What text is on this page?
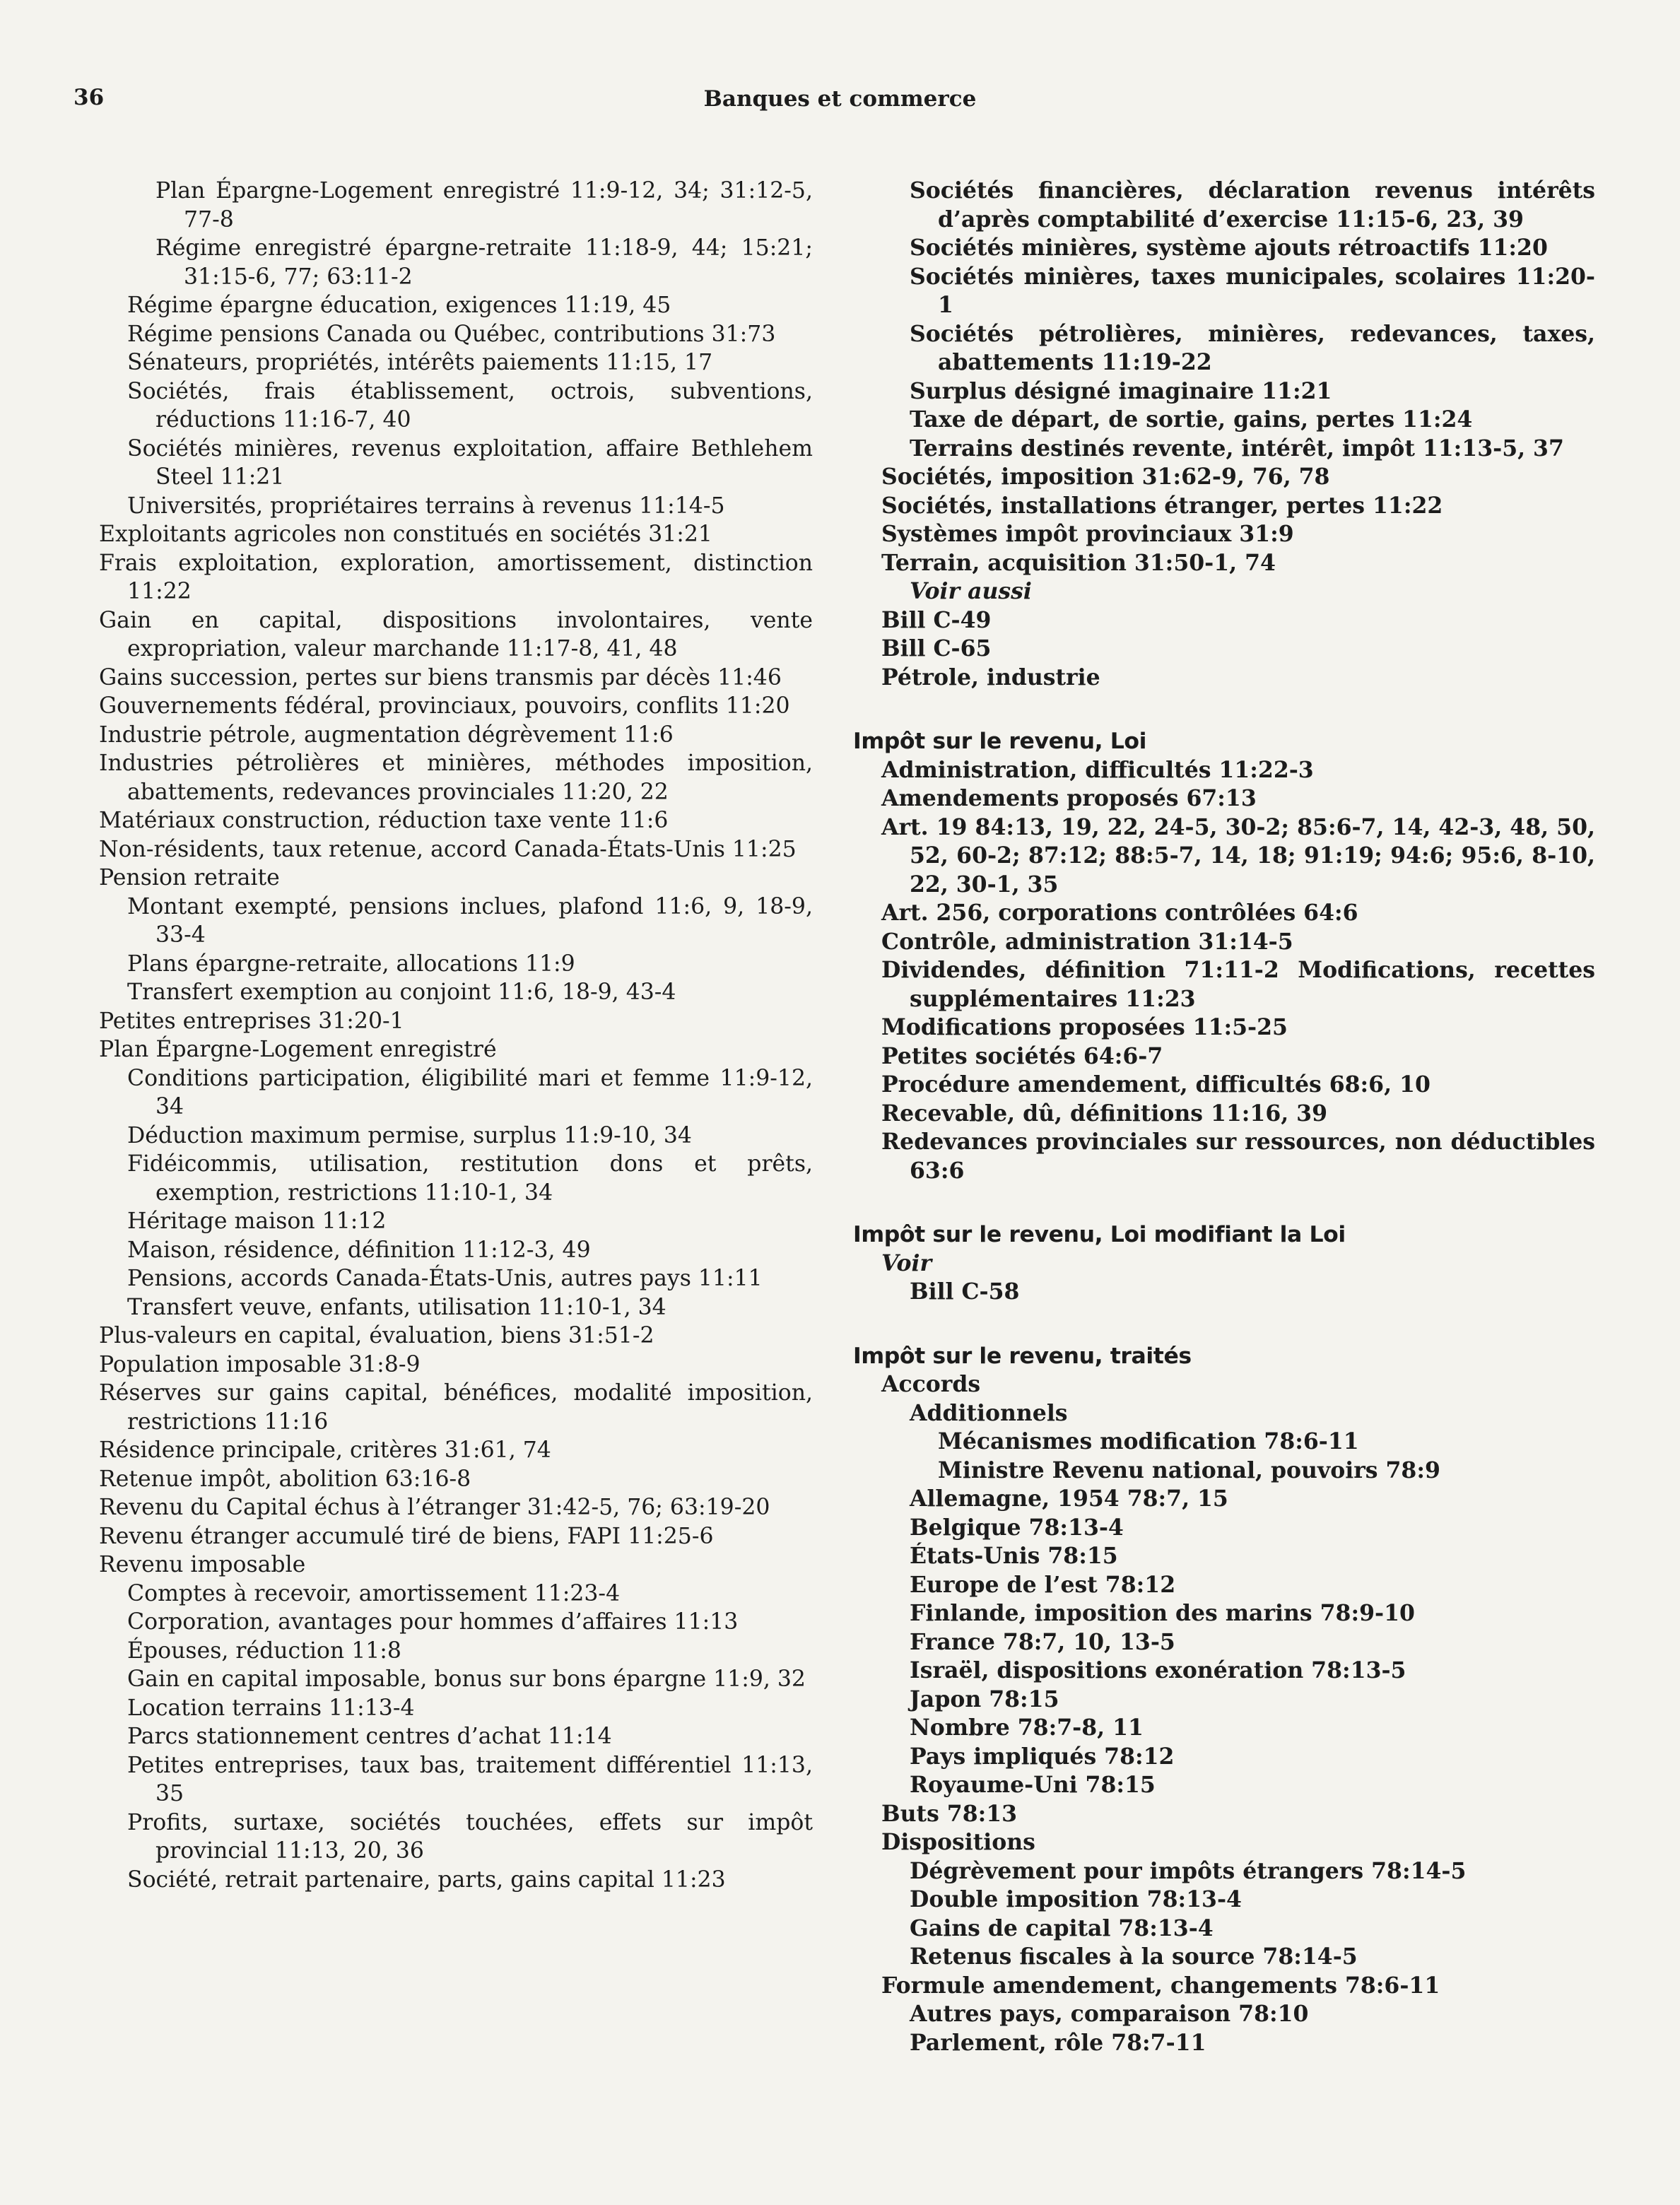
36	Banques et commerce
Plan Épargne-Logement enregistré 11:9-12, 34; 31:12-5, 77-8
Régime enregistré épargne-retraite 11:18-9, 44; 15:21; 31:15-6, 77; 63:11-2
Régime épargne éducation, exigences 11:19, 45
Régime pensions Canada ou Québec, contributions 31:73
Sénateurs, propriétés, intérêts paiements 11:15, 17
Sociétés, frais établissement, octrois, subventions, réductions 11:16-7, 40
Sociétés minières, revenus exploitation, affaire Bethlehem Steel 11:21
Universités, propriétaires terrains à revenus 11:14-5
Exploitants agricoles non constitués en sociétés 31:21
Frais exploitation, exploration, amortissement, distinction 11:22
Gain en capital, dispositions involontaires, vente expropriation, valeur marchande 11:17-8, 41, 48
Gains succession, pertes sur biens transmis par décès 11:46
Gouvernements fédéral, provinciaux, pouvoirs, conflits 11:20
Industrie pétrole, augmentation dégrèvement 11:6
Industries pétrolières et minières, méthodes imposition, abattements, redevances provinciales 11:20, 22
Matériaux construction, réduction taxe vente 11:6
Non-résidents, taux retenue, accord Canada-États-Unis 11:25
Pension retraite
Montant exempté, pensions inclues, plafond 11:6, 9, 18-9, 33-4
Plans épargne-retraite, allocations 11:9
Transfert exemption au conjoint 11:6, 18-9, 43-4
Petites entreprises 31:20-1
Plan Épargne-Logement enregistré
Conditions participation, éligibilité mari et femme 11:9-12, 34
Déduction maximum permise, surplus 11:9-10, 34
Fidéicommis, utilisation, restitution dons et prêts, exemption, restrictions 11:10-1, 34
Héritage maison 11:12
Maison, résidence, définition 11:12-3, 49
Pensions, accords Canada-États-Unis, autres pays 11:11
Transfert veuve, enfants, utilisation 11:10-1, 34
Plus-valeurs en capital, évaluation, biens 31:51-2
Population imposable 31:8-9
Réserves sur gains capital, bénéfices, modalité imposition, restrictions 11:16
Résidence principale, critères 31:61, 74
Retenue impôt, abolition 63:16-8
Revenu du Capital échus à l’étranger 31:42-5, 76; 63:19-20
Revenu étranger accumulé tiré de biens, FAPI 11:25-6
Revenu imposable
Comptes à recevoir, amortissement 11:23-4
Corporation, avantages pour hommes d’affaires 11:13
Épouses, réduction 11:8
Gain en capital imposable, bonus sur bons épargne 11:9, 32
Location terrains 11:13-4
Parcs stationnement centres d’achat 11:14
Petites entreprises, taux bas, traitement différentiel 11:13, 35
Profits, surtaxe, sociétés touchées, effets sur impôt provincial 11:13, 20, 36
Société, retrait partenaire, parts, gains capital 11:23
Sociétés financières, déclaration revenus intérêts d’après comptabilité d’exercise 11:15-6, 23, 39
Sociétés minières, système ajouts rétroactifs 11:20
Sociétés minières, taxes municipales, scolaires 11:20-1
Sociétés pétrolières, minières, redevances, taxes, abattements 11:19-22
Surplus désigné imaginaire 11:21
Taxe de départ, de sortie, gains, pertes 11:24
Terrains destinés revente, intérêt, impôt 11:13-5, 37
Sociétés, imposition 31:62-9, 76, 78
Sociétés, installations étranger, pertes 11:22
Systèmes impôt provinciaux 31:9
Terrain, acquisition 31:50-1, 74
Voir aussi
Bill C-49
Bill C-65
Pétrole, industrie
Impôt sur le revenu, Loi
Administration, difficultés 11:22-3
Amendements proposés 67:13
Art. 19 84:13, 19, 22, 24-5, 30-2; 85:6-7, 14, 42-3, 48, 50, 52, 60-2; 87:12; 88:5-7, 14, 18; 91:19; 94:6; 95:6, 8-10, 22, 30-1, 35
Art. 256, corporations contrôlées 64:6
Contrôle, administration 31:14-5
Dividendes, définition 71:11-2 Modifications, recettes supplémentaires 11:23
Modifications proposées 11:5-25
Petites sociétés 64:6-7
Procédure amendement, difficultés 68:6, 10
Recevable, dû, définitions 11:16, 39
Redevances provinciales sur ressources, non déductibles 63:6
Impôt sur le revenu, Loi modifiant la Loi
Voir
Bill C-58
Impôt sur le revenu, traités
Accords
Additionnels
Mécanismes modification 78:6-11
Ministre Revenu national, pouvoirs 78:9
Allemagne, 1954 78:7, 15
Belgique 78:13-4
États-Unis 78:15
Europe de l’est 78:12
Finlande, imposition des marins 78:9-10
France 78:7, 10, 13-5
Israël, dispositions exonération 78:13-5
Japon 78:15
Nombre 78:7-8, 11
Pays impliqués 78:12
Royaume-Uni 78:15
Buts 78:13
Dispositions
Dégrèvement pour impôts étrangers 78:14-5
Double imposition 78:13-4
Gains de capital 78:13-4
Retenus fiscales à la source 78:14-5
Formule amendement, changements 78:6-11
Autres pays, comparaison 78:10
Parlement, rôle 78:7-11
